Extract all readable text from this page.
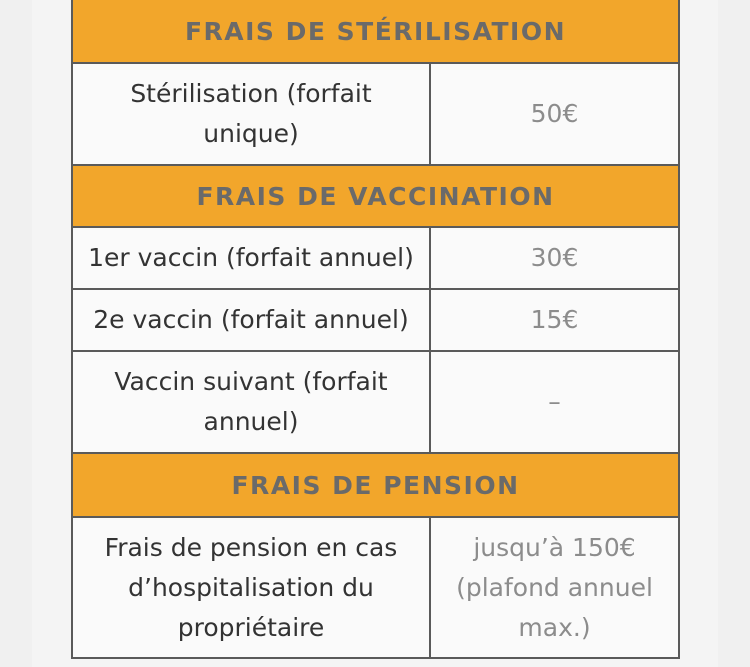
FRAIS DE STÉRILISATION	
Stérilisation (forfait unique)	50€
FRAIS DE VACCINATION	
1er vaccin (forfait annuel)	30€
2e vaccin (forfait annuel)	15€
Vaccin suivant (forfait annuel)	–
FRAIS DE PENSION	
Frais de pension en cas d’hospitalisation du propriétaire	jusqu’à 150€ (plafond annuel max.)
